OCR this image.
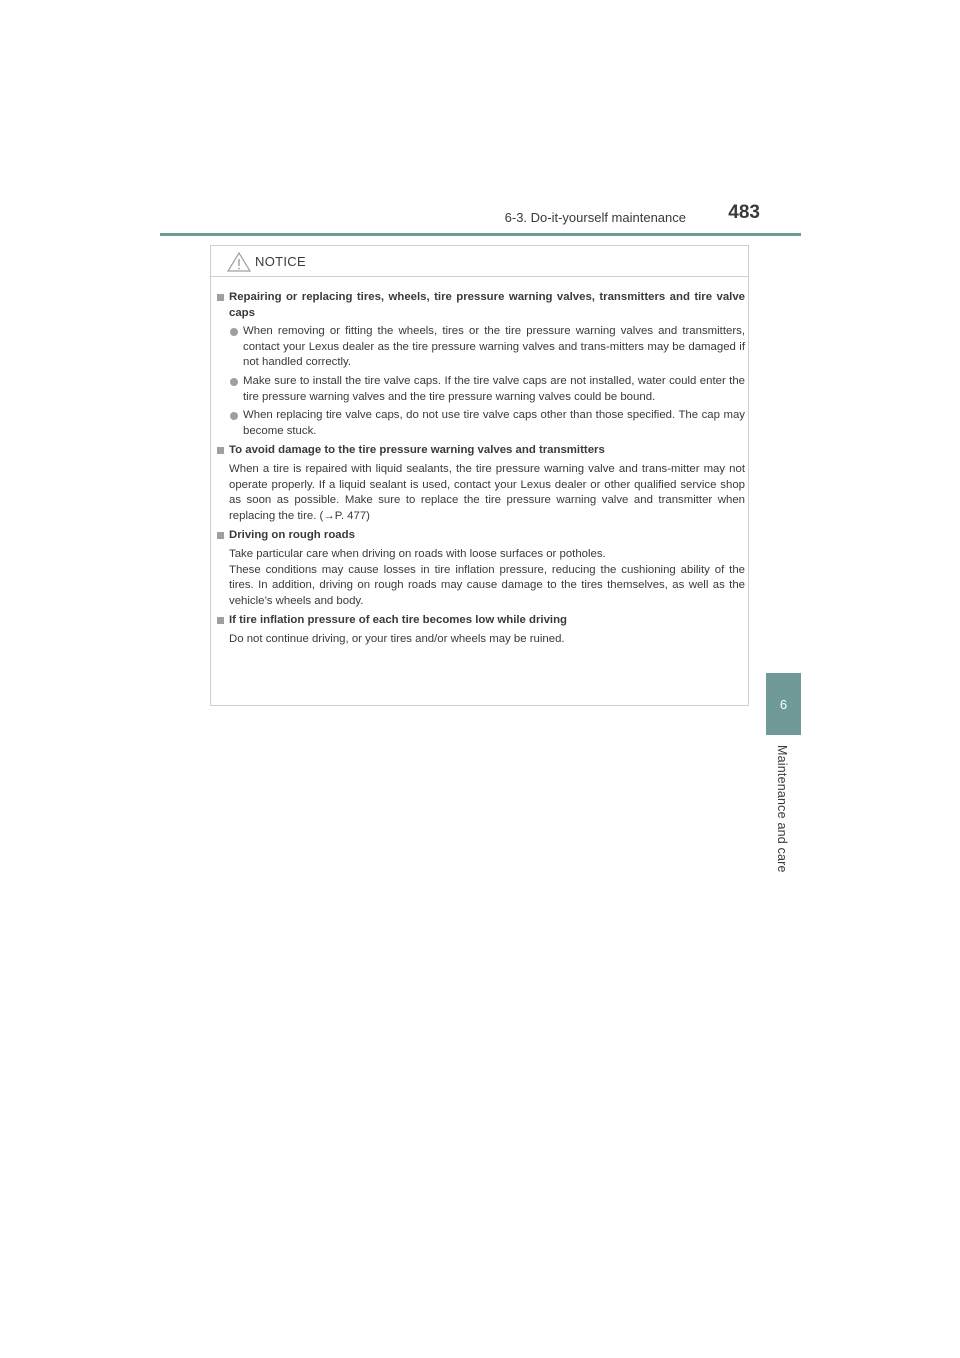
6-3. Do-it-yourself maintenance	483
6
Maintenance and care
NOTICE
Repairing or replacing tires, wheels, tire pressure warning valves, transmitters and tire valve caps
When removing or fitting the wheels, tires or the tire pressure warning valves and transmitters, contact your Lexus dealer as the tire pressure warning valves and trans-mitters may be damaged if not handled correctly.
Make sure to install the tire valve caps. If the tire valve caps are not installed, water could enter the tire pressure warning valves and the tire pressure warning valves could be bound.
When replacing tire valve caps, do not use tire valve caps other than those specified. The cap may become stuck.
To avoid damage to the tire pressure warning valves and transmitters
When a tire is repaired with liquid sealants, the tire pressure warning valve and trans-mitter may not operate properly. If a liquid sealant is used, contact your Lexus dealer or other qualified service shop as soon as possible. Make sure to replace the tire pressure warning valve and transmitter when replacing the tire. (→P. 477)
Driving on rough roads
Take particular care when driving on roads with loose surfaces or potholes.
These conditions may cause losses in tire inflation pressure, reducing the cushioning ability of the tires. In addition, driving on rough roads may cause damage to the tires themselves, as well as the vehicle’s wheels and body.
If tire inflation pressure of each tire becomes low while driving
Do not continue driving, or your tires and/or wheels may be ruined.
